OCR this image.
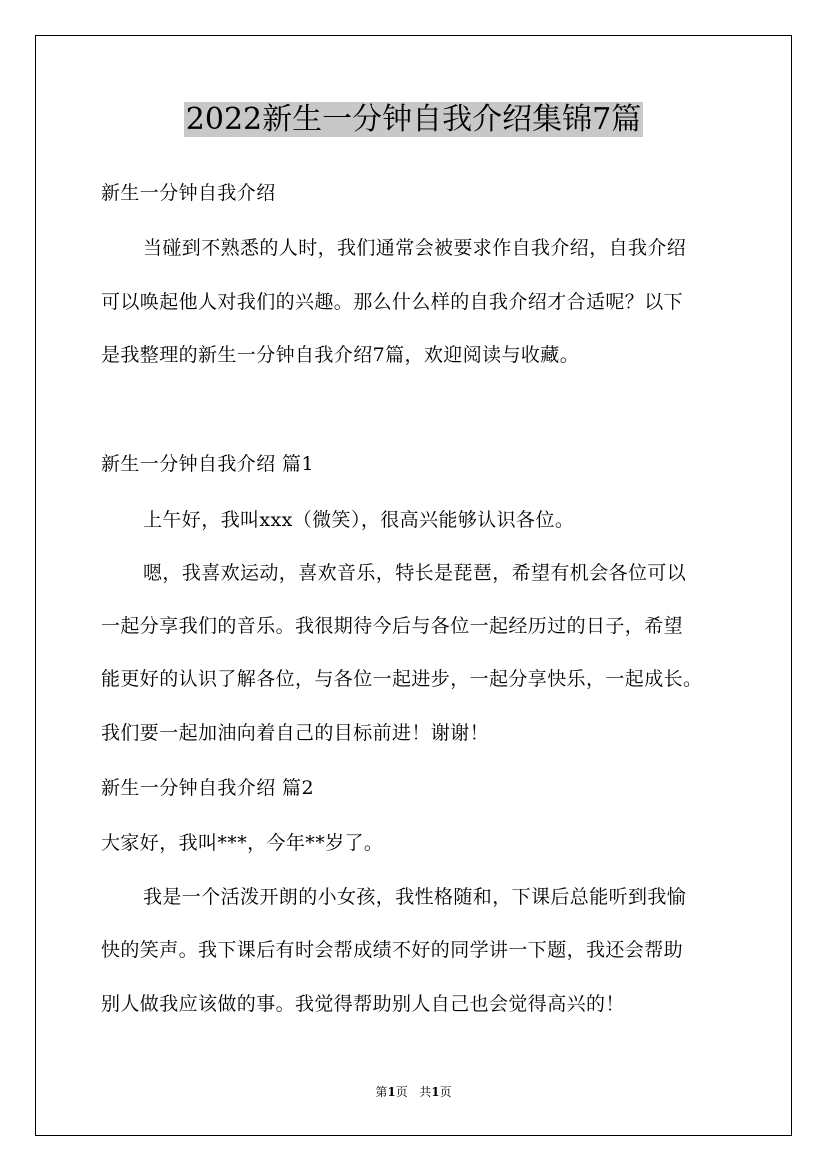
2022新生一分钟自我介绍集锦7篇
新生一分钟自我介绍
当碰到不熟悉的人时，我们通常会被要求作自我介绍，自我介绍
可以唤起他人对我们的兴趣。那么什么样的自我介绍才合适呢？以下
是我整理的新生一分钟自我介绍7篇，欢迎阅读与收藏。
新生一分钟自我介绍 篇1
上午好，我叫xxx（微笑），很高兴能够认识各位。
嗯，我喜欢运动，喜欢音乐，特长是琵琶，希望有机会各位可以
一起分享我们的音乐。我很期待今后与各位一起经历过的日子，希望
能更好的认识了解各位，与各位一起进步，一起分享快乐，一起成长。
我们要一起加油向着自己的目标前进！谢谢！
新生一分钟自我介绍 篇2
大家好，我叫***，今年**岁了。
我是一个活泼开朗的小女孩，我性格随和，下课后总能听到我愉
快的笑声。我下课后有时会帮成绩不好的同学讲一下题，我还会帮助
别人做我应该做的事。我觉得帮助别人自己也会觉得高兴的！
第1页 共1页
